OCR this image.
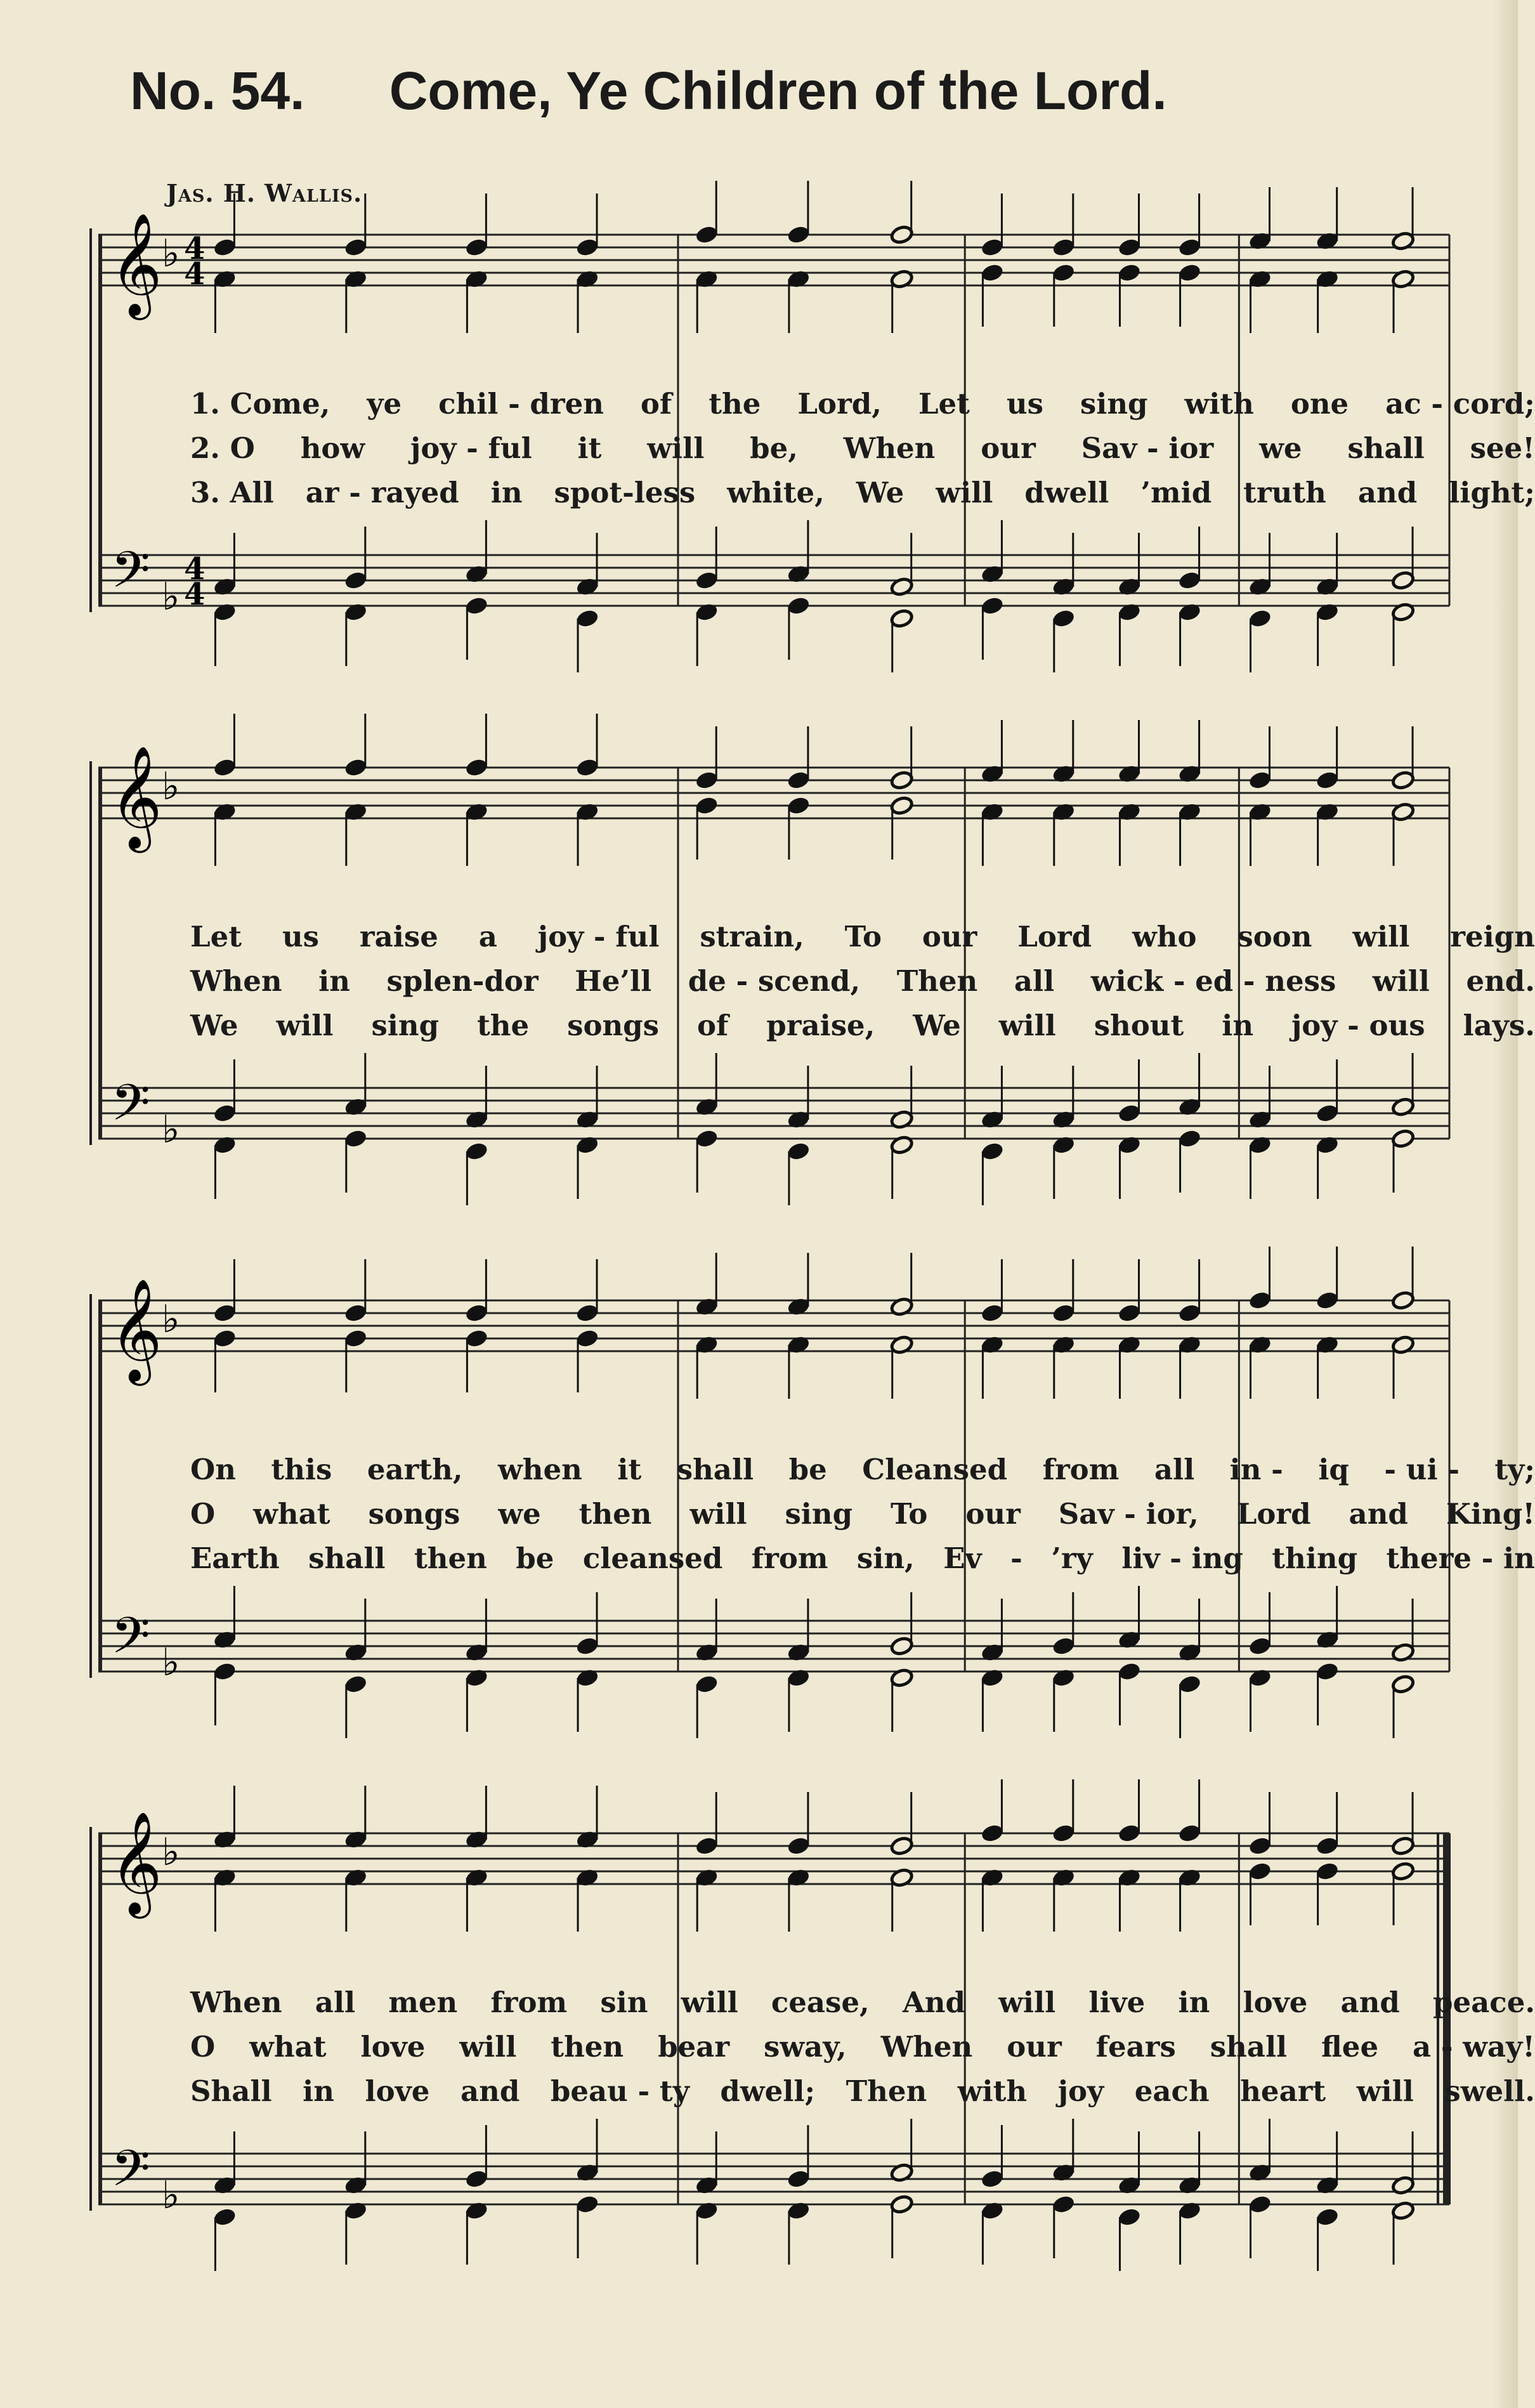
No. 54. Come, Ye Children of the Lord.
Jas. H. Wallis.
𝄞
𝄢
♭
♭
4
4
4
4
1. Come, ye chil - dren of the Lord, Let us sing with one ac - cord;
2. O how joy - ful it will be, When our Sav - ior we shall see!
3. All ar - rayed in spot-less white, We will dwell ’mid truth and light;
𝄞
𝄢
♭
♭
Let us raise a joy - ful strain, To our Lord who soon will reign
When in splen-dor He’ll de - scend, Then all wick - ed - ness will end.
We will sing the songs of praise, We will shout in joy - ous lays.
𝄞
𝄢
♭
♭
On this earth, when it shall be Cleansed from all in - iq - ui - ty;
O what songs we then will sing To our Sav - ior, Lord and King!
Earth shall then be cleansed from sin, Ev - ’ry liv - ing thing there - in
𝄞
𝄢
♭
♭
When all men from sin will cease, And will live in love and peace.
O what love will then bear sway, When our fears shall flee a - way!
Shall in love and beau - ty dwell; Then with joy each heart will swell.
